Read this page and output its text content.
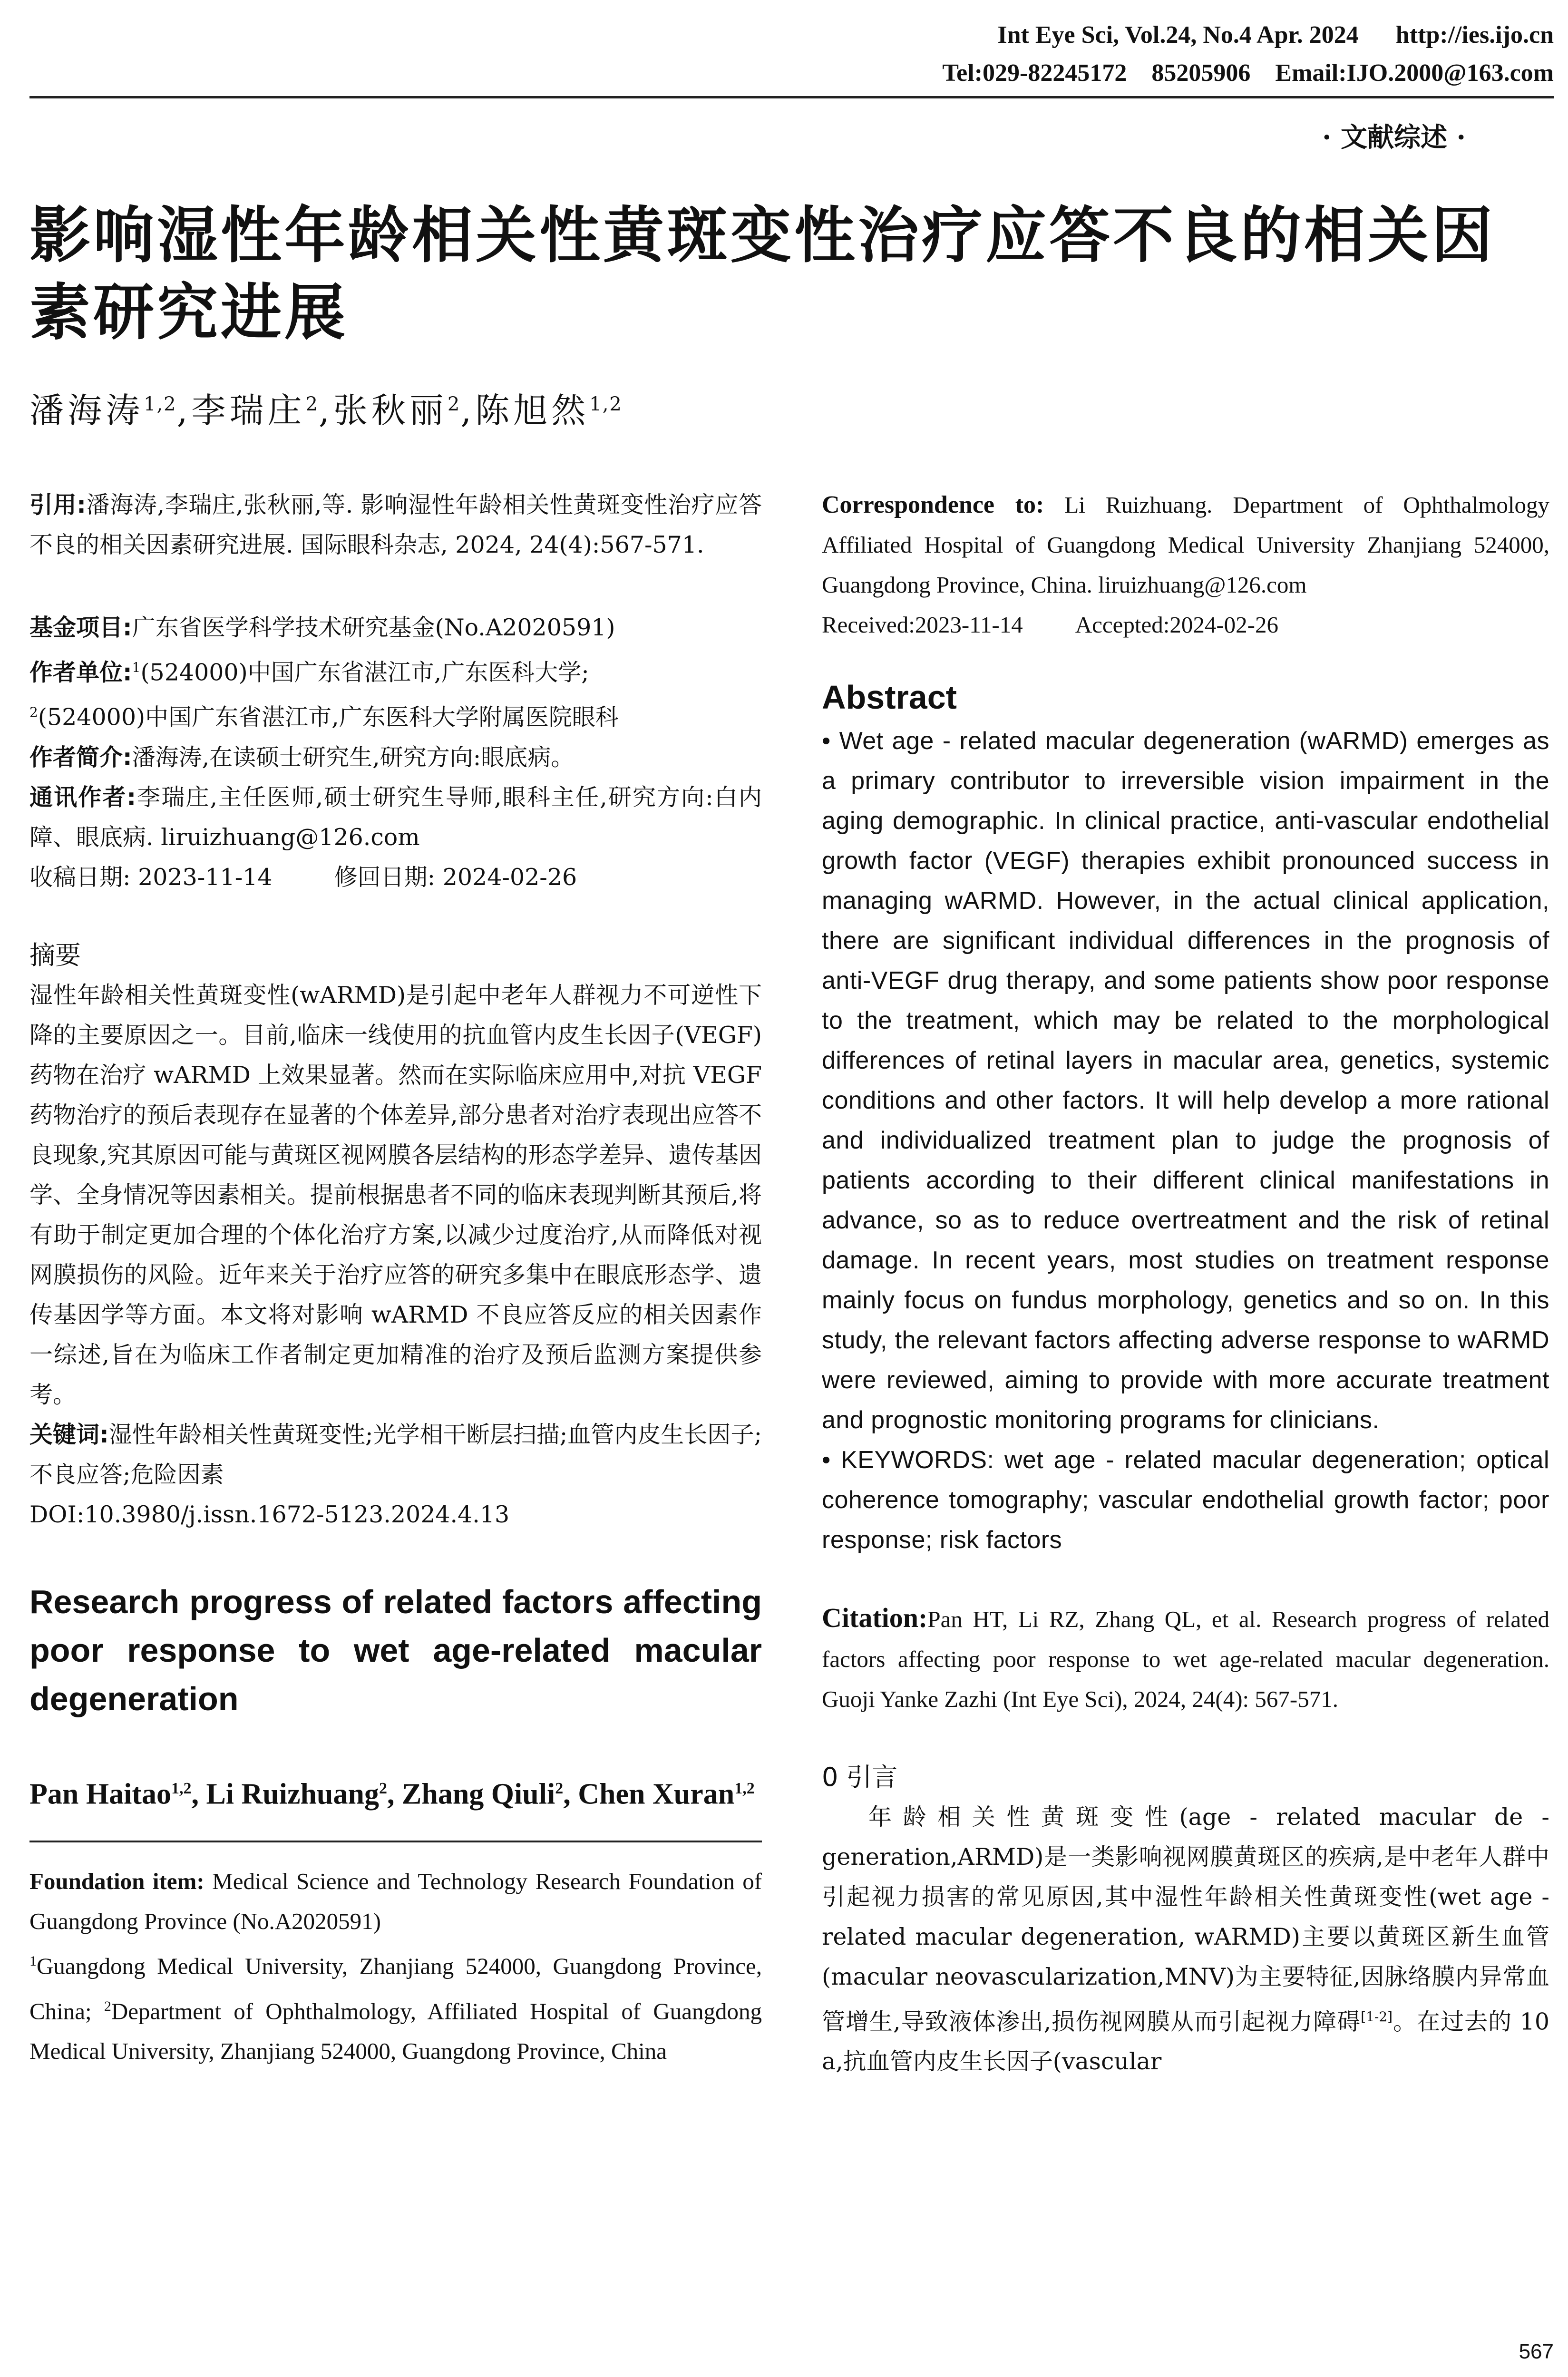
Int Eye Sci, Vol.24, No.4 Apr. 2024 http://ies.ijo.cn
Tel:029-82245172    85205906    Email:IJO.2000@163.com
· 文献综述 ·
影响湿性年龄相关性黄斑变性治疗应答不良的相关因素研究进展
潘海涛$^{1,2}$,李瑞庄$^2$,张秋丽$^2$,陈旭然$^{1,2}$

引用:潘海涛,李瑞庄,张秋丽,等. 影响湿性年龄相关性黄斑变性治疗应答不良的相关因素研究进展. 国际眼科杂志, 2024, 24(4):567-571.

基金项目:广东省医学科学技术研究基金(No.A2020591)

作者单位:$^1$(524000)中国广东省湛江市,广东医科大学;
$^2$(524000)中国广东省湛江市,广东医科大学附属医院眼科

作者简介:潘海涛,在读硕士研究生,研究方向:眼底病。

通讯作者:李瑞庄,主任医师,硕士研究生导师,眼科主任,研究方向:白内障、眼底病. liruizhuang@126.com

收稿日期: 2023-11-14	修回日期: 2024-02-26

摘要

湿性年龄相关性黄斑变性(wARMD)是引起中老年人群视力不可逆性下降的主要原因之一。目前,临床一线使用的抗血管内皮生长因子(VEGF)药物在治疗 wARMD 上效果显著。然而在实际临床应用中,对抗 VEGF 药物治疗的预后表现存在显著的个体差异,部分患者对治疗表现出应答不良现象,究其原因可能与黄斑区视网膜各层结构的形态学差异、遗传基因学、全身情况等因素相关。提前根据患者不同的临床表现判断其预后,将有助于制定更加合理的个体化治疗方案,以减少过度治疗,从而降低对视网膜损伤的风险。近年来关于治疗应答的研究多集中在眼底形态学、遗传基因学等方面。本文将对影响 wARMD 不良应答反应的相关因素作一综述,旨在为临床工作者制定更加精准的治疗及预后监测方案提供参考。

关键词:湿性年龄相关性黄斑变性;光学相干断层扫描;血管内皮生长因子;不良应答;危险因素

DOI:10.3980/j.issn.1672-5123.2024.4.13

Research progress of related factors affecting poor response to wet age-related macular degeneration

Pan Haitao$^{1,2}$, Li Ruizhuang$^2$, Zhang Qiuli$^2$, Chen Xuran$^{1,2}$

Foundation item: Medical Science and Technology Research Foundation of Guangdong Province (No.A2020591)

$^1$Guangdong Medical University, Zhanjiang 524000, Guangdong Province, China; $^2$Department of Ophthalmology, Affiliated Hospital of Guangdong Medical University, Zhanjiang 524000, Guangdong Province, China

Correspondence to: Li Ruizhuang. Department of Ophthalmology Affiliated Hospital of Guangdong Medical University Zhanjiang 524000, Guangdong Province, China. liruizhuang@126.com

Received:2023-11-14 Accepted:2024-02-26

Abstract

• Wet age - related macular degeneration (wARMD) emerges as a primary contributor to irreversible vision impairment in the aging demographic. In clinical practice, anti-vascular endothelial growth factor (VEGF) therapies exhibit pronounced success in managing wARMD. However, in the actual clinical application, there are significant individual differences in the prognosis of anti-VEGF drug therapy, and some patients show poor response to the treatment, which may be related to the morphological differences of retinal layers in macular area, genetics, systemic conditions and other factors. It will help develop a more rational and individualized treatment plan to judge the prognosis of patients according to their different clinical manifestations in advance, so as to reduce overtreatment and the risk of retinal damage. In recent years, most studies on treatment response mainly focus on fundus morphology, genetics and so on. In this study, the relevant factors affecting adverse response to wARMD were reviewed, aiming to provide with more accurate treatment and prognostic monitoring programs for clinicians.

• KEYWORDS: wet age - related macular degeneration; optical coherence tomography; vascular endothelial growth factor; poor response; risk factors

Citation:Pan HT, Li RZ, Zhang QL, et al. Research progress of related factors affecting poor response to wet age-related macular degeneration. Guoji Yanke Zazhi (Int Eye Sci), 2024, 24(4): 567-571.

0 引言

年龄相关性黄斑变性(age - related macular de - generation,ARMD)是一类影响视网膜黄斑区的疾病,是中老年人群中引起视力损害的常见原因,其中湿性年龄相关性黄斑变性(wet age - related macular degeneration, wARMD)主要以黄斑区新生血管(macular neovascularization,MNV)为主要特征,因脉络膜内异常血管增生,导致液体渗出,损伤视网膜从而引起视力障碍[1-2]。在过去的 10 a,抗血管内皮生长因子(vascular

567
